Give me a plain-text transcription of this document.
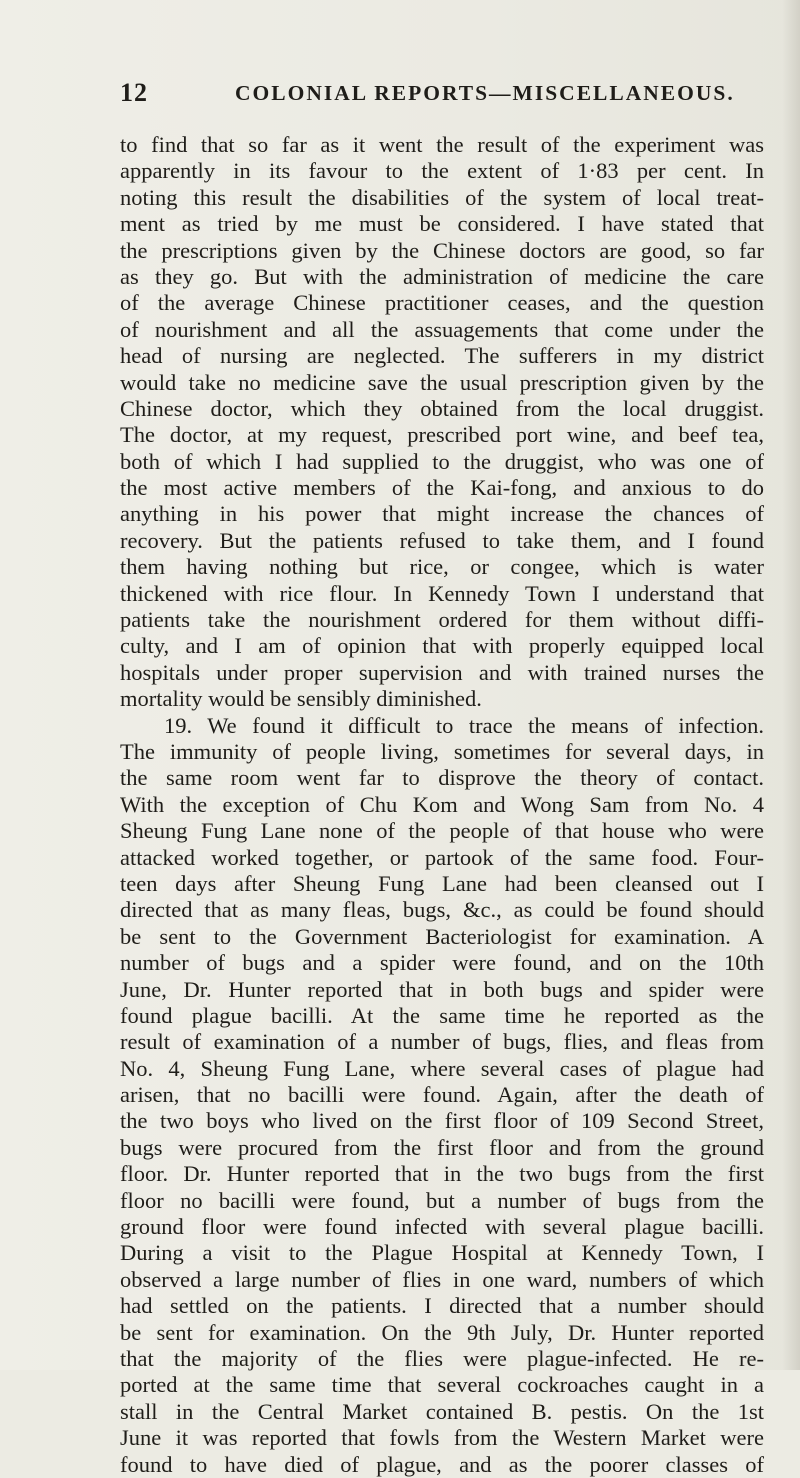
12	COLONIAL REPORTS—MISCELLANEOUS.
to find that so far as it went the result of the experiment was
apparently in its favour to the extent of 1·83 per cent. In
noting this result the disabilities of the system of local treat-
ment as tried by me must be considered. I have stated that
the prescriptions given by the Chinese doctors are good, so far
as they go. But with the administration of medicine the care
of the average Chinese practitioner ceases, and the question
of nourishment and all the assuagements that come under the
head of nursing are neglected. The sufferers in my district
would take no medicine save the usual prescription given by the
Chinese doctor, which they obtained from the local druggist.
The doctor, at my request, prescribed port wine, and beef tea,
both of which I had supplied to the druggist, who was one of
the most active members of the Kai-fong, and anxious to do
anything in his power that might increase the chances of
recovery. But the patients refused to take them, and I found
them having nothing but rice, or congee, which is water
thickened with rice flour. In Kennedy Town I understand that
patients take the nourishment ordered for them without diffi-
culty, and I am of opinion that with properly equipped local
hospitals under proper supervision and with trained nurses the
mortality would be sensibly diminished.
19. We found it difficult to trace the means of infection.
The immunity of people living, sometimes for several days, in
the same room went far to disprove the theory of contact.
With the exception of Chu Kom and Wong Sam from No. 4
Sheung Fung Lane none of the people of that house who were
attacked worked together, or partook of the same food. Four-
teen days after Sheung Fung Lane had been cleansed out I
directed that as many fleas, bugs, &c., as could be found should
be sent to the Government Bacteriologist for examination. A
number of bugs and a spider were found, and on the 10th
June, Dr. Hunter reported that in both bugs and spider were
found plague bacilli. At the same time he reported as the
result of examination of a number of bugs, flies, and fleas from
No. 4, Sheung Fung Lane, where several cases of plague had
arisen, that no bacilli were found. Again, after the death of
the two boys who lived on the first floor of 109 Second Street,
bugs were procured from the first floor and from the ground
floor. Dr. Hunter reported that in the two bugs from the first
floor no bacilli were found, but a number of bugs from the
ground floor were found infected with several plague bacilli.
During a visit to the Plague Hospital at Kennedy Town, I
observed a large number of flies in one ward, numbers of which
had settled on the patients. I directed that a number should
be sent for examination. On the 9th July, Dr. Hunter reported
that the majority of the flies were plague-infected. He re-
ported at the same time that several cockroaches caught in a
stall in the Central Market contained B. pestis. On the 1st
June it was reported that fowls from the Western Market were
found to have died of plague, and as the poorer classes of
